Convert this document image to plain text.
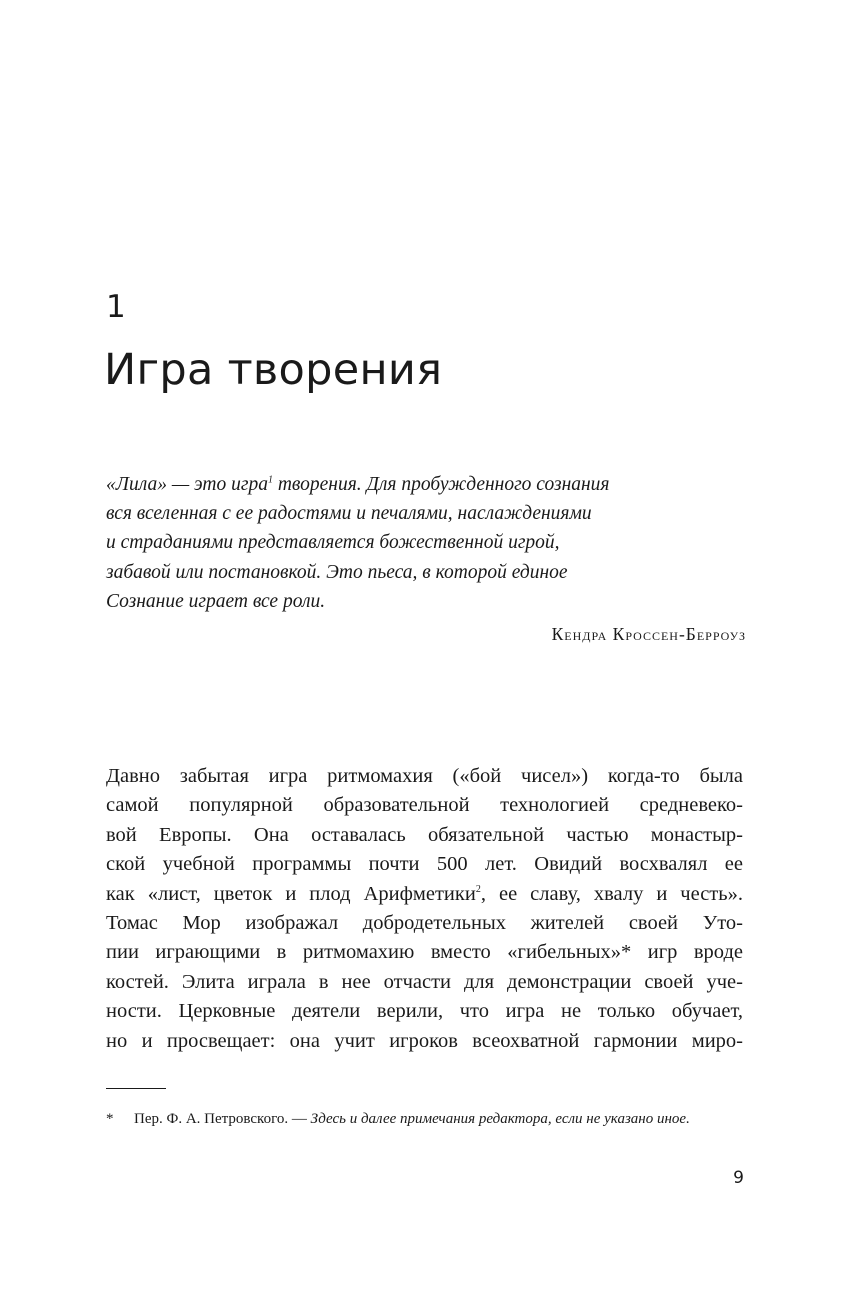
1
Игра творения
«Лила» — это игра$^1$ творения. Для пробужденного сознания
вся вселенная с ее радостями и печалями, наслаждениями
и страданиями представляется божественной игрой,
забавой или постановкой. Это пьеса, в которой единое
Сознание играет все роли.
Кендра Кроссен-Берроуз
Давно забытая игра ритмомахия («бой чисел») когда-то была
самой популярной образовательной технологией средневеко-
вой Европы. Она оставалась обязательной частью монастыр-
ской учебной программы почти 500 лет. Овидий восхвалял ее
как «лист, цветок и плод Арифметики$^2$, ее славу, хвалу и честь».
Томас Мор изображал добродетельных жителей своей Уто-
пии играющими в ритмомахию вместо «гибельных»* игр вроде
костей. Элита играла в нее отчасти для демонстрации своей уче-
ности. Церковные деятели верили, что игра не только обучает,
но и просвещает: она учит игроков всеохватной гармонии миро-
* Пер. Ф. А. Петровского. — Здесь и далее примечания редактора, если не указано иное.
9
